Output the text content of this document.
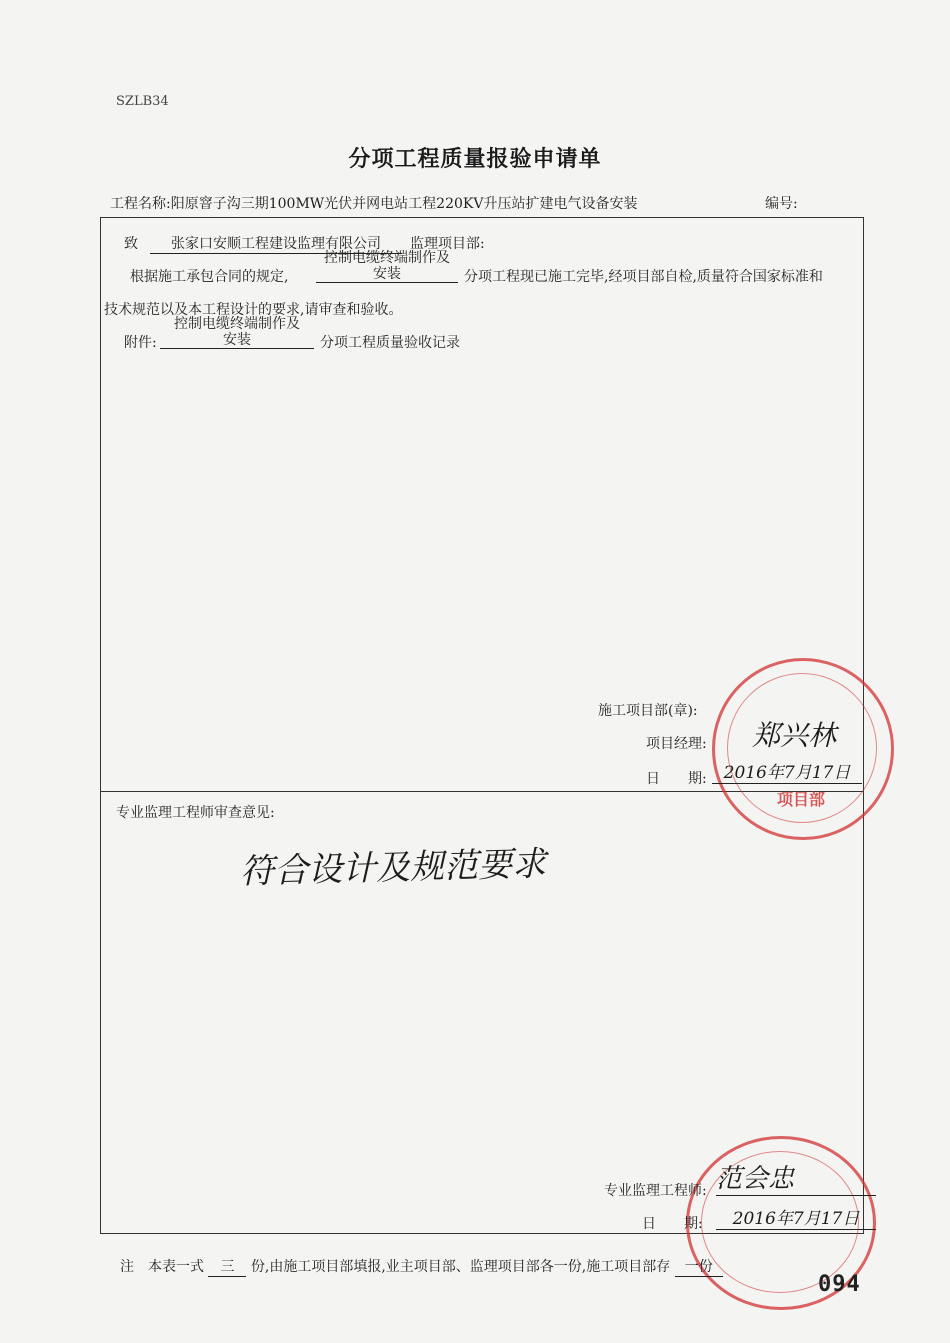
SZLB34
分项工程质量报验申请单
工程名称:阳原窨子沟三期100MW光伏并网电站工程220KV升压站扩建电气设备安装	编号:
致	张家口安顺工程建设监理有限公司	监理项目部:
根据施工承包合同的规定,
控制电缆终端制作及
安装	分项工程现已施工完毕,经项目部自检,质量符合国家标准和
技术规范以及本工程设计的要求,请审查和验收。
附件:
控制电缆终端制作及
安装	分项工程质量验收记录
项目部
施工项目部(章):
项目经理: 郑兴林
日　　期: 2016年7月17日
专业监理工程师审查意见:
符合设计及规范要求
专业监理工程师: 范会忠
日　　期:	2016年7月17日
注　本表一式 三 份,由施工项目部填报,业主项目部、监理项目部各一份,施工项目部存 一份
094
